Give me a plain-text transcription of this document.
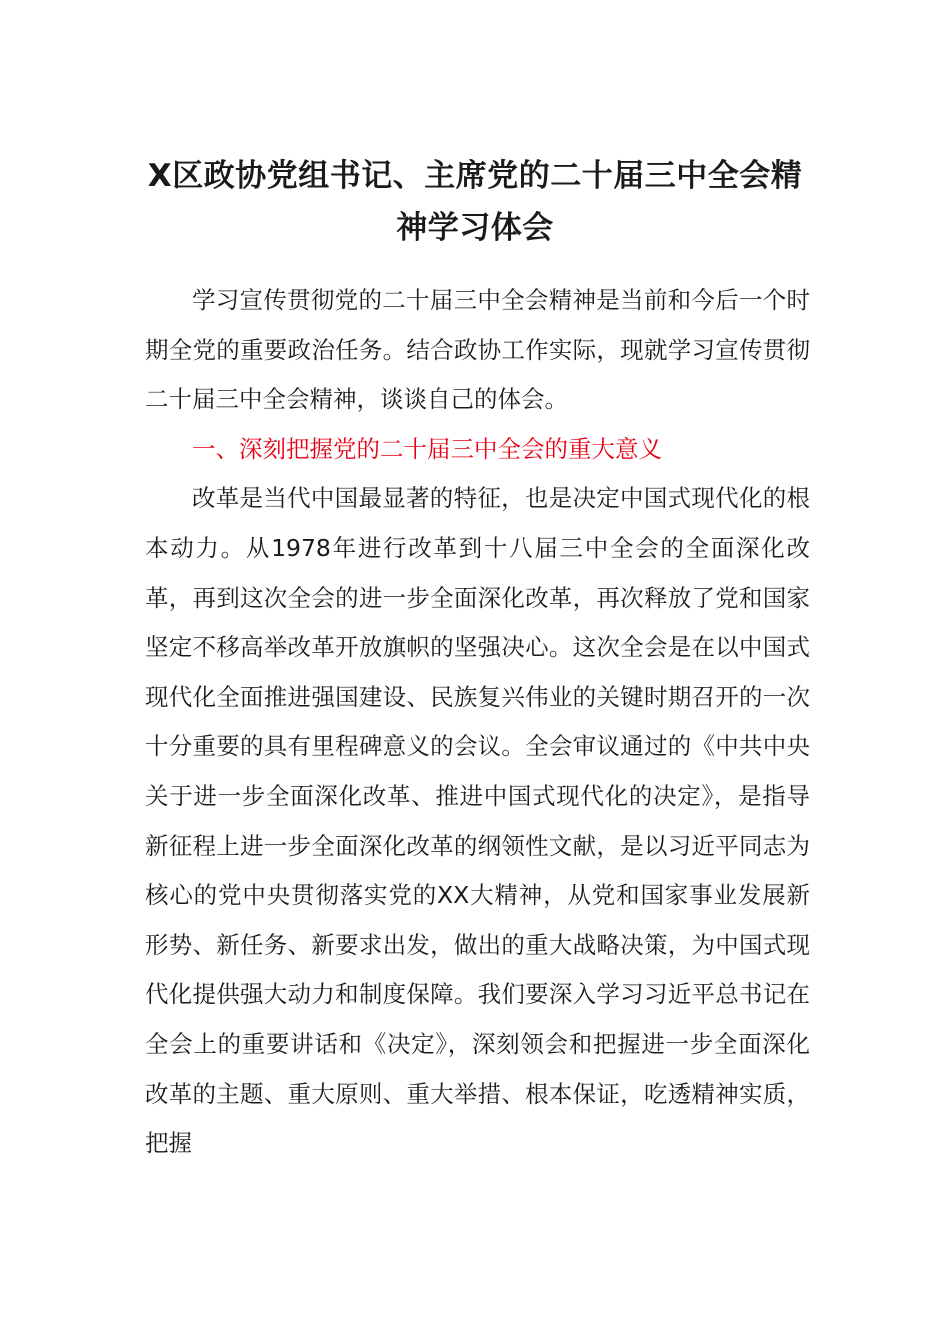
X区政协党组书记、主席党的二十届三中全会精神学习体会

学习宣传贯彻党的二十届三中全会精神是当前和今后一个时期全党的重要政治任务。结合政协工作实际，现就学习宣传贯彻二十届三中全会精神，谈谈自己的体会。

一、深刻把握党的二十届三中全会的重大意义

改革是当代中国最显著的特征，也是决定中国式现代化的根本动力。从1978年进行改革到十八届三中全会的全面深化改革，再到这次全会的进一步全面深化改革，再次释放了党和国家坚定不移高举改革开放旗帜的坚强决心。这次全会是在以中国式现代化全面推进强国建设、民族复兴伟业的关键时期召开的一次十分重要的具有里程碑意义的会议。全会审议通过的《中共中央关于进一步全面深化改革、推进中国式现代化的决定》，是指导新征程上进一步全面深化改革的纲领性文献，是以习近平同志为核心的党中央贯彻落实党的XX大精神，从党和国家事业发展新形势、新任务、新要求出发，做出的重大战略决策，为中国式现代化提供强大动力和制度保障。我们要深入学习习近平总书记在全会上的重要讲话和《决定》，深刻领会和把握进一步全面深化改革的主题、重大原则、重大举措、根本保证，吃透精神实质，把握
